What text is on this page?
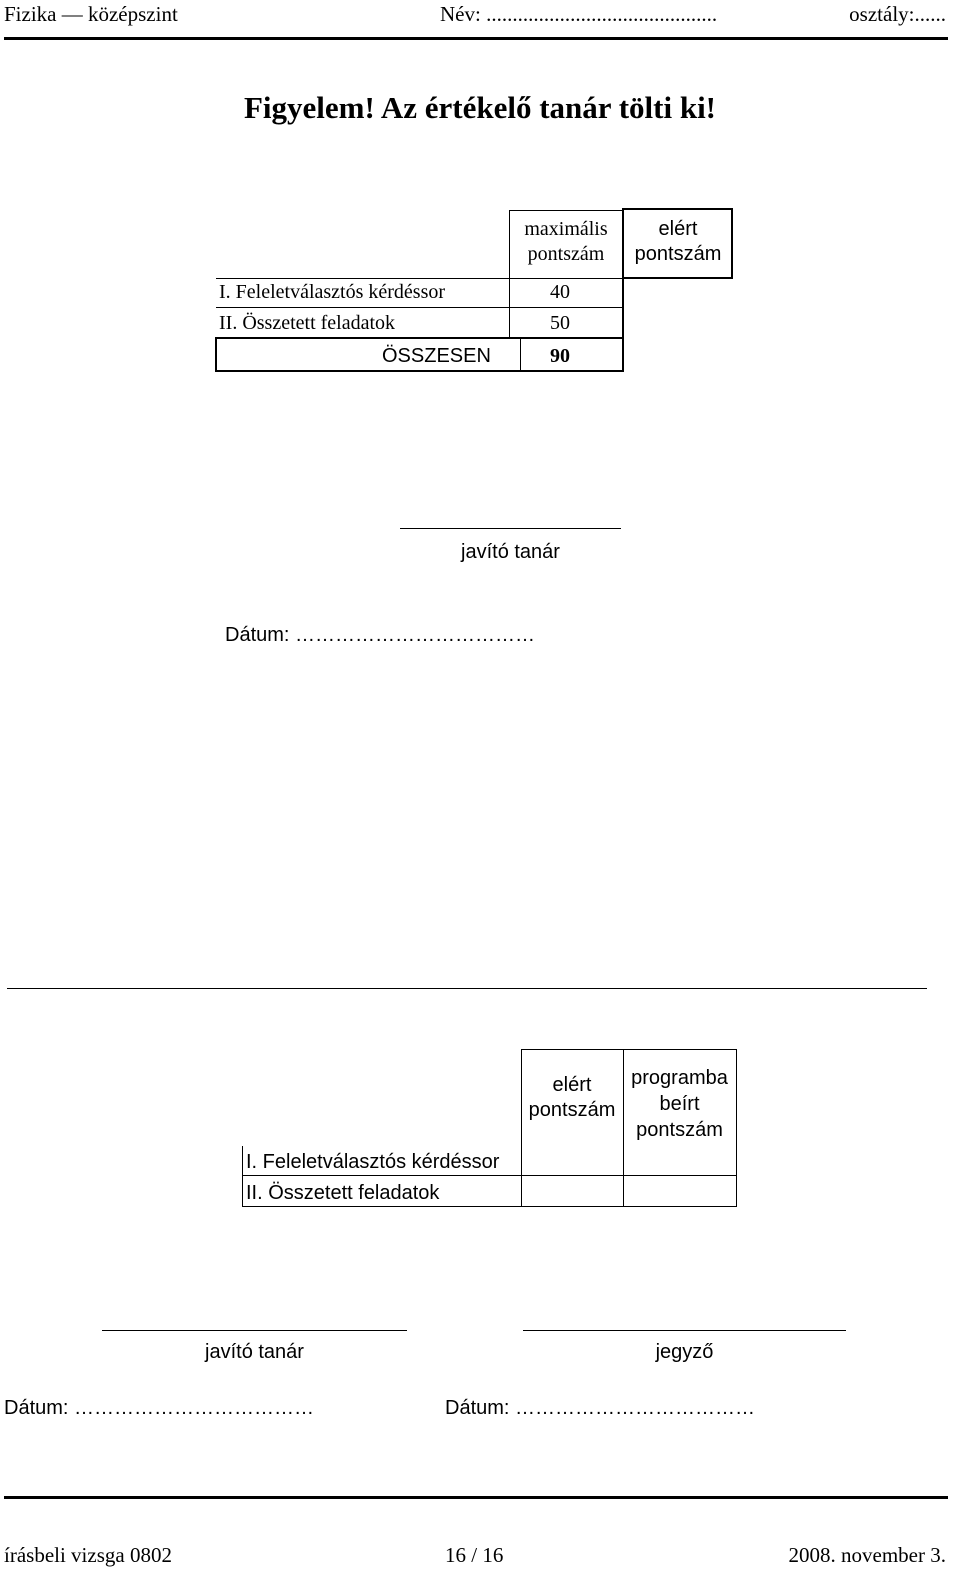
Fizika — középszint	Név: ............................................	osztály:......
Figyelem! Az értékelő tanár tölti ki!
maximális
pontszám
elért
pontszám
I. Feleletválasztós kérdéssor	40
II. Összetett feladatok	50
ÖSSZESEN	90
javító tanár
Dátum: ………………………………
elért
pontszám
programba
beírt
pontszám
I. Feleletválasztós kérdéssor
II. Összetett feladatok
javító tanár	jegyző
Dátum: ………………………………	Dátum: ………………………………
írásbeli vizsga 0802	16 / 16	2008. november 3.
